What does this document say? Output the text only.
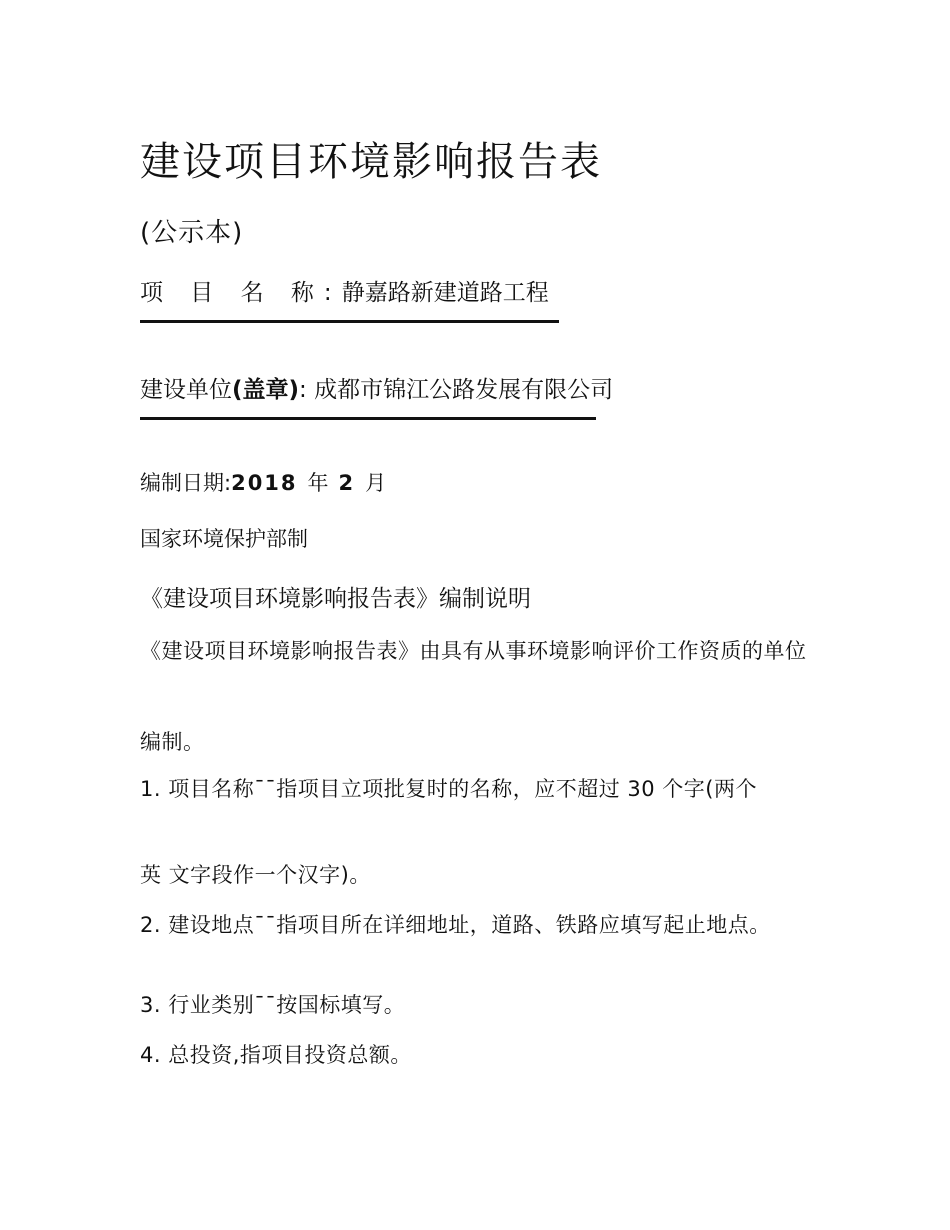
建设项目环境影响报告表
(公示本)
项 目 名 称:静嘉路新建道路工程
建设单位(盖章): 成都市锦江公路发展有限公司
编制日期:2018 年 2 月
国家环境保护部制
《建设项目环境影响报告表》编制说明

《建设项目环境影响报告表》由具有从事环境影响评价工作资质的单位

编制。

1. 项目名称¯¯指项目立项批复时的名称，应不超过 30 个字(两个

英 文字段作一个汉字)。

2. 建设地点¯¯指项目所在详细地址，道路、铁路应填写起止地点。

3. 行业类别¯¯按国标填写。

4. 总投资,指项目投资总额。
